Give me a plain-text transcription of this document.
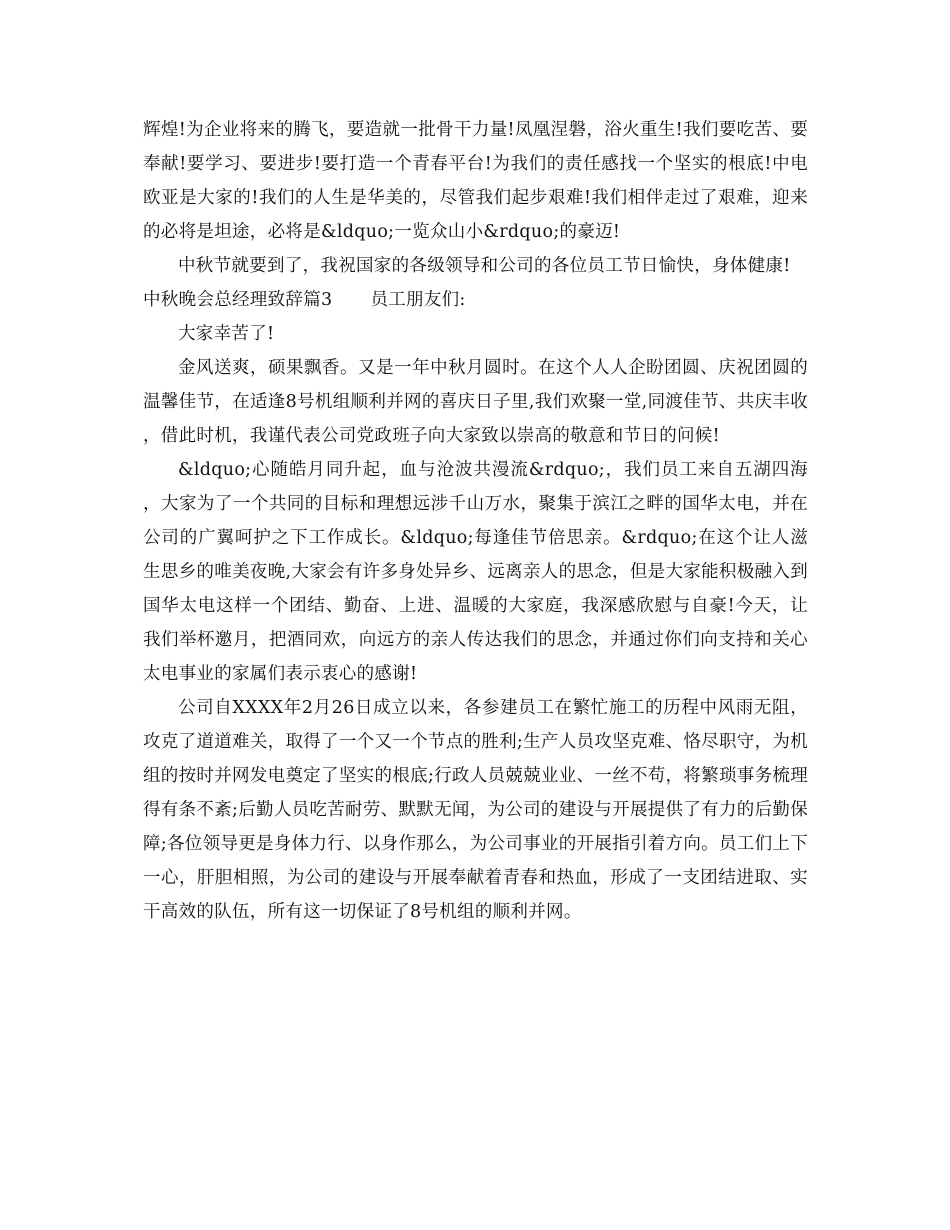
辉煌!为企业将来的腾飞，要造就一批骨干力量!凤凰涅磐，浴火重生!我们要吃苦、要奉献!要学习、要进步!要打造一个青春平台!为我们的责任感找一个坚实的根底!中电欧亚是大家的!我们的人生是华美的，尽管我们起步艰难!我们相伴走过了艰难，迎来的必将是坦途，必将是&ldquo;一览众山小&rdquo;的豪迈!

中秋节就要到了，我祝国家的各级领导和公司的各位员工节日愉快，身体健康!

中秋晚会总经理致辞篇3 员工朋友们:

大家幸苦了!

金风送爽，硕果飘香。又是一年中秋月圆时。在这个人人企盼团圆、庆祝团圆的温馨佳节，在适逢8号机组顺利并网的喜庆日子里,我们欢聚一堂,同渡佳节、共庆丰收，借此时机，我谨代表公司党政班子向大家致以崇高的敬意和节日的问候!

&ldquo;心随皓月同升起，血与沧波共漫流&rdquo;，我们员工来自五湖四海，大家为了一个共同的目标和理想远涉千山万水，聚集于滨江之畔的国华太电，并在公司的广翼呵护之下工作成长。&ldquo;每逢佳节倍思亲。&rdquo;在这个让人滋生思乡的唯美夜晚,大家会有许多身处异乡、远离亲人的思念，但是大家能积极融入到国华太电这样一个团结、勤奋、上进、温暖的大家庭，我深感欣慰与自豪!今天，让我们举杯邀月，把酒同欢，向远方的亲人传达我们的思念，并通过你们向支持和关心太电事业的家属们表示衷心的感谢!

公司自XXXX年2月26日成立以来，各参建员工在繁忙施工的历程中风雨无阻，攻克了道道难关，取得了一个又一个节点的胜利;生产人员攻坚克难、恪尽职守，为机组的按时并网发电奠定了坚实的根底;行政人员兢兢业业、一丝不苟，将繁琐事务梳理得有条不紊;后勤人员吃苦耐劳、默默无闻，为公司的建设与开展提供了有力的后勤保障;各位领导更是身体力行、以身作那么，为公司事业的开展指引着方向。员工们上下一心，肝胆相照，为公司的建设与开展奉献着青春和热血，形成了一支团结进取、实干高效的队伍，所有这一切保证了8号机组的顺利并网。
